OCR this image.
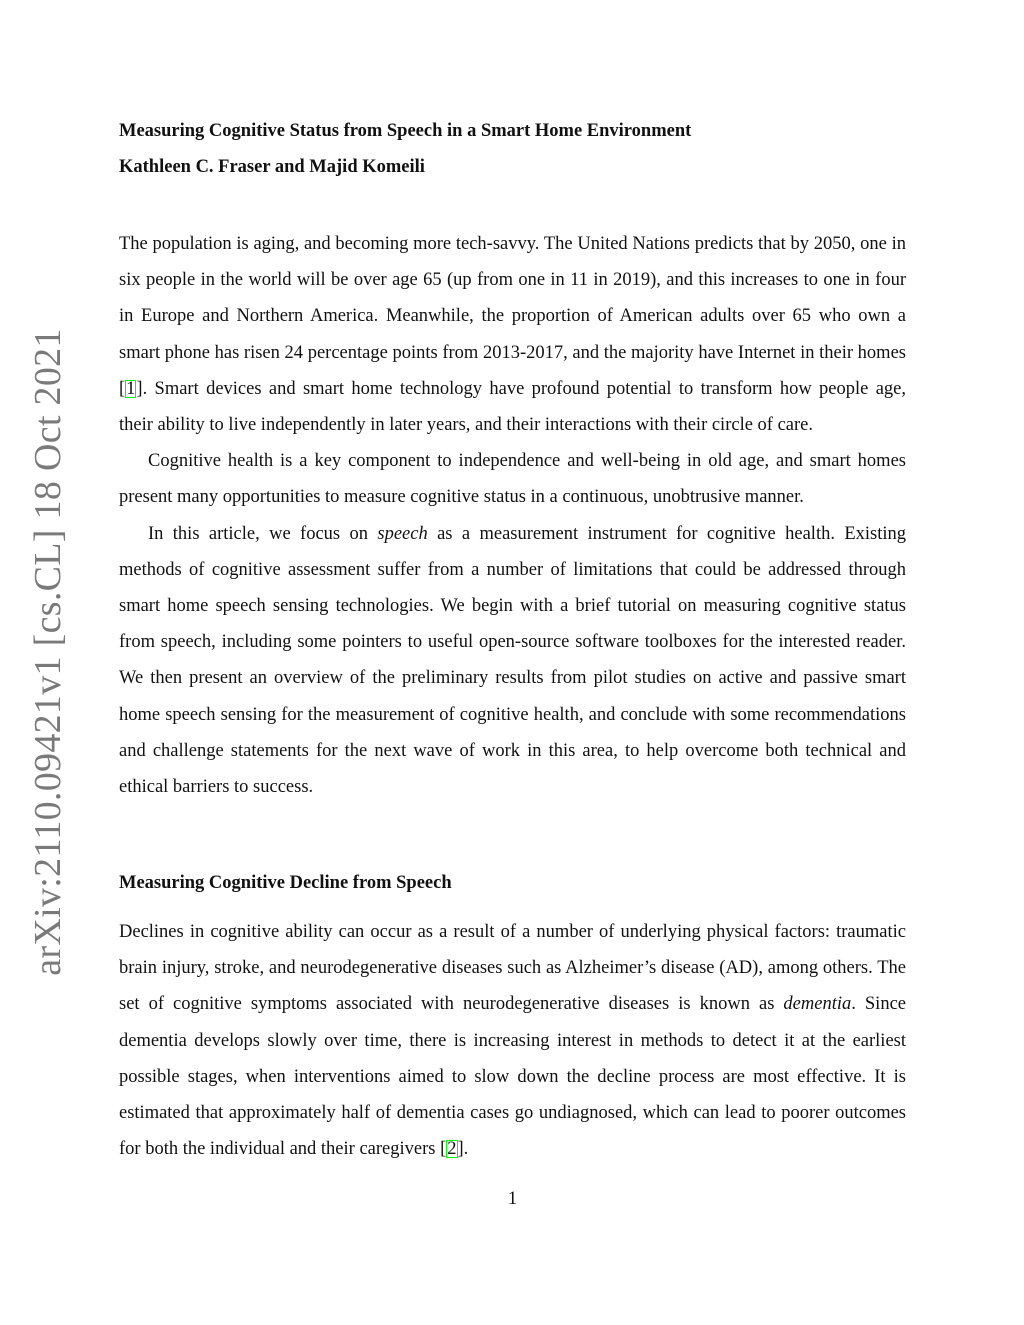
arXiv:2110.09421v1 [cs.CL] 18 Oct 2021
Measuring Cognitive Status from Speech in a Smart Home Environment
Kathleen C. Fraser and Majid Komeili

The population is aging, and becoming more tech-savvy. The United Nations predicts that by 2050, one in six people in the world will be over age 65 (up from one in 11 in 2019), and this increases to one in four in Europe and Northern America. Meanwhile, the proportion of American adults over 65 who own a smart phone has risen 24 percentage points from 2013-2017, and the majority have Internet in their homes [1]. Smart devices and smart home technology have profound potential to transform how people age, their ability to live independently in later years, and their interactions with their circle of care.

Cognitive health is a key component to independence and well-being in old age, and smart homes present many opportunities to measure cognitive status in a continuous, unobtrusive manner.

In this article, we focus on speech as a measurement instrument for cognitive health. Existing methods of cognitive assessment suffer from a number of limitations that could be addressed through smart home speech sensing technologies. We begin with a brief tutorial on measuring cognitive status from speech, including some pointers to useful open-source software toolboxes for the interested reader. We then present an overview of the preliminary results from pilot studies on active and passive smart home speech sensing for the measurement of cognitive health, and conclude with some recommendations and challenge statements for the next wave of work in this area, to help overcome both technical and ethical barriers to success.

Measuring Cognitive Decline from Speech

Declines in cognitive ability can occur as a result of a number of underlying physical factors: traumatic brain injury, stroke, and neurodegenerative diseases such as Alzheimer’s disease (AD), among others. The set of cognitive symptoms associated with neurodegenerative diseases is known as dementia. Since dementia develops slowly over time, there is increasing interest in methods to detect it at the earliest possible stages, when interventions aimed to slow down the decline process are most effective. It is estimated that approximately half of dementia cases go undiagnosed, which can lead to poorer outcomes for both the individual and their caregivers [2].

1
